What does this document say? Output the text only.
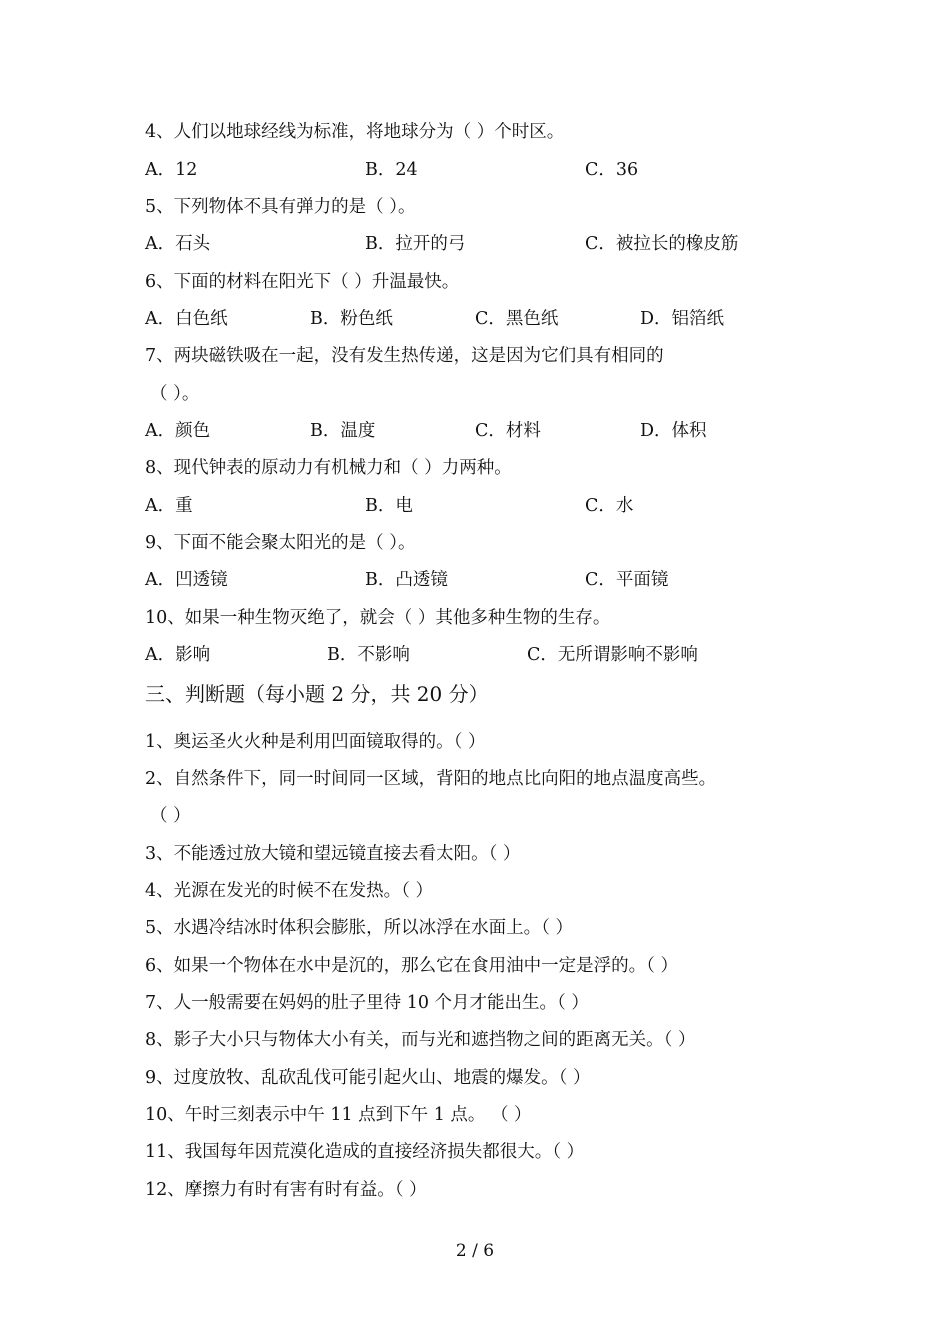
4、人们以地球经线为标准，将地球分为（ ）个时区。
A．12	B．24	C．36
5、下列物体不具有弹力的是（ ）。
A．石头	B．拉开的弓	C．被拉长的橡皮筋
6、下面的材料在阳光下（ ）升温最快。
A．白色纸	B．粉色纸	C．黑色纸	D．铝箔纸
7、两块磁铁吸在一起，没有发生热传递，这是因为它们具有相同的
（ ）。
A．颜色	B．温度	C．材料	D．体积
8、现代钟表的原动力有机械力和（ ）力两种。
A．重	B．电	C．水
9、下面不能会聚太阳光的是（ ）。
A．凹透镜	B．凸透镜	C．平面镜
10、如果一种生物灭绝了，就会（ ）其他多种生物的生存。
A．影响	B．不影响	C．无所谓影响不影响
三、判断题（每小题 2 分，共 20 分）
1、奥运圣火火种是利用凹面镜取得的。（ ）
2、自然条件下，同一时间同一区域，背阳的地点比向阳的地点温度高些。
（ ）
3、不能透过放大镜和望远镜直接去看太阳。（ ）
4、光源在发光的时候不在发热。（ ）
5、水遇冷结冰时体积会膨胀，所以冰浮在水面上。（ ）
6、如果一个物体在水中是沉的，那么它在食用油中一定是浮的。（ ）
7、人一般需要在妈妈的肚子里待 10 个月才能出生。（ ）
8、影子大小只与物体大小有关，而与光和遮挡物之间的距离无关。（ ）
9、过度放牧、乱砍乱伐可能引起火山、地震的爆发。（ ）
10、午时三刻表示中午 11 点到下午 1 点。 （ ）
11、我国每年因荒漠化造成的直接经济损失都很大。（ ）
12、摩擦力有时有害有时有益。（ ）
2 / 6
